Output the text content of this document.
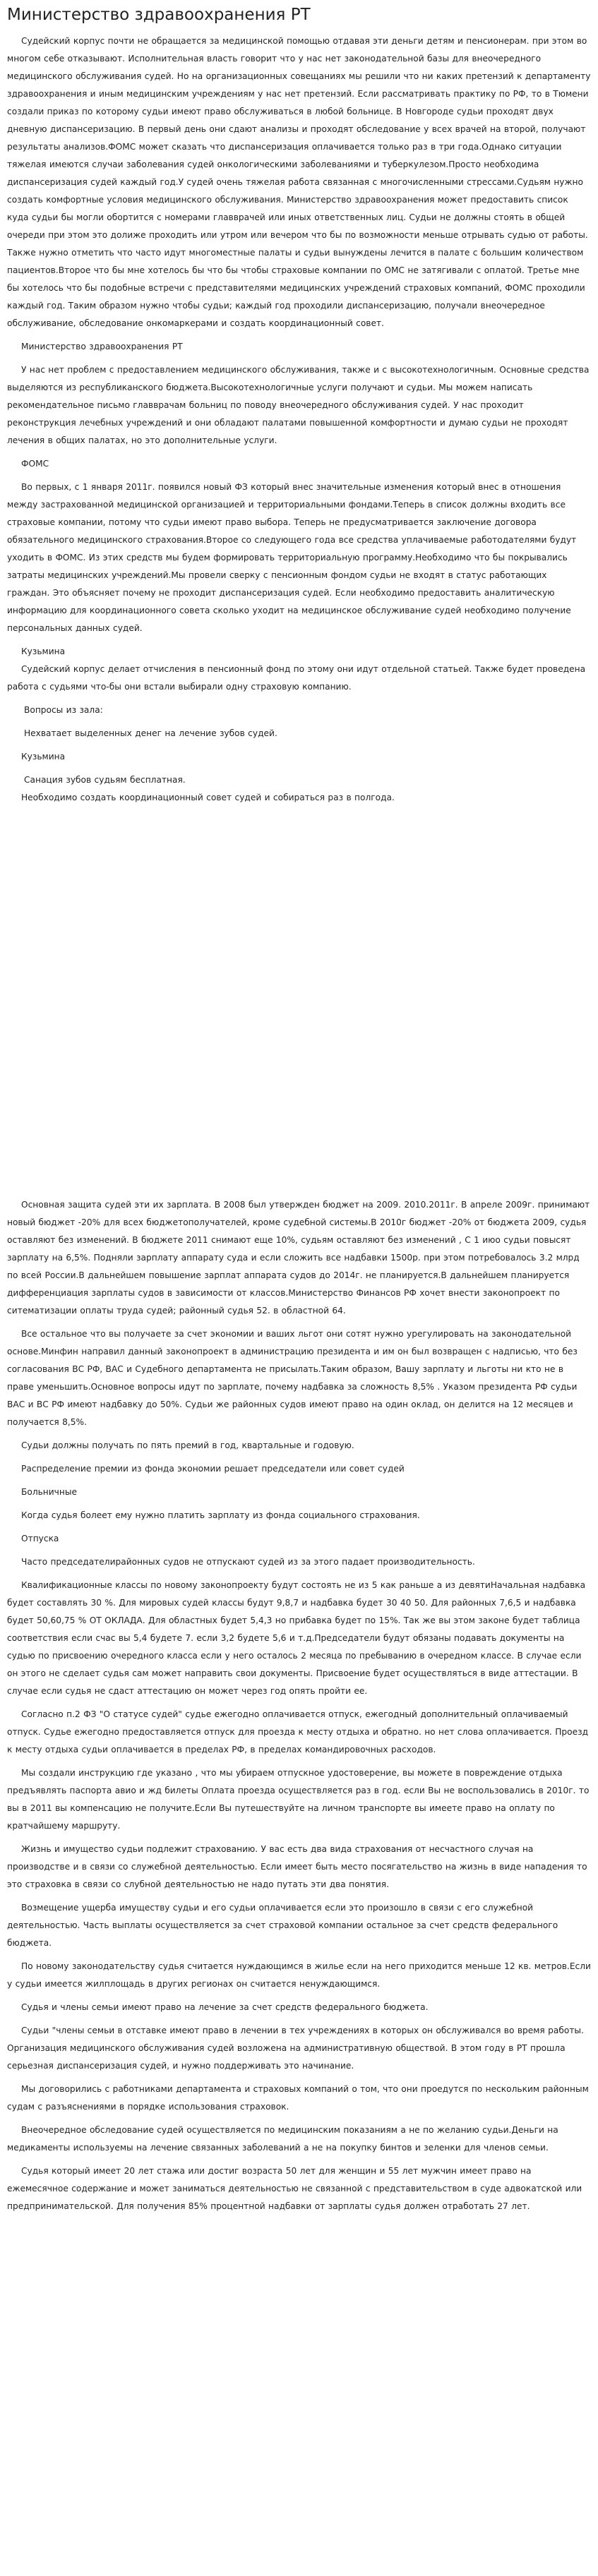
Министерство здравоохранения РТ

Судейский корпус почти не обращается за медицинской помощью отдавая эти деньги детям и пенсионерам. при этом во многом себе отказывают. Исполнительная власть говорит что у нас нет законодательной базы для внеочередного медицинского обслуживания судей. Но на организационных совещаниях мы решили что ни каких претензий к департаменту здравоохранения и иным медицинским учреждениям у нас нет претензий. Если рассматривать практику по РФ, то в Тюмени создали приказ по которому судьи имеют право обслуживаться в любой больнице. В Новгороде судьи проходят двух дневную диспансеризацию. В первый день они сдают анализы и проходят обследование у всех врачей на второй, получают результаты анализов.ФОМС может сказать что диспансеризация оплачивается только раз в три года.Однако ситуации тяжелая имеются случаи заболевания судей онкологическими заболеваниями и туберкулезом.Просто необходима диспансеризация судей каждый год.У судей очень тяжелая работа связанная с многочисленными стрессами.Судьям нужно создать комфортные условия медицинского обслуживания. Министерство здравоохранения может предоставить список куда судьи бы могли обортится с номерами главврачей или иных ответственных лиц. Судьи не должны стоять в общей очереди при этом это долиже проходить или утром или вечером что бы по возможности меньше отрывать судью от работы. Также нужно отметить что часто идут многоместные палаты и судьи вынуждены лечится в палате с большим количеством пациентов.Второе что бы мне хотелось бы что бы чтобы страховые компании по ОМС не затягивали с оплатой. Третье мне бы хотелось что бы подобные встречи с представителями медицинских учреждений страховых компаний, ФОМС проходили каждый год. Таким образом нужно чтобы судьи; каждый год проходили диспансеризацию, получали внеочередное обслуживание, обследование онкомаркерами и создать координационный совет.

Министерство здравоохранения РТ

У нас нет проблем с предоставлением медицинского обслуживания, также и с высокотехнологичным. Основные средства выделяются из республиканского бюджета.Высокотехнологичные услуги получают и судьи. Мы можем написать рекомендательное письмо главврачам больниц по поводу внеочередного обслуживания судей. У нас проходит реконструкция лечебных учреждений и они обладают палатами повышенной комфортности и думаю судьи не проходят лечения в общих палатах, но это дополнительные услуги.

ФОМС

Во первых, с 1 января 2011г. появился новый ФЗ который внес значительные изменения который внес в отношения между застрахованной медицинской организацией и территориальными фондами.Теперь в список должны входить все страховые компании, потому что судьи имеют право выбора. Теперь не предусматривается заключение договора обязательного медицинского страхования.Второе со следующего года все средства уплачиваемые работодателями будут уходить в ФОМС. Из этих средств мы будем формировать территориальную программу.Необходимо что бы покрывались затраты медицинских учреждений.Мы провели сверку с пенсионным фондом судьи не входят в статус работающих граждан. Это объясняет почему не проходит диспансеризация судей. Если необходимо предоставить аналитическую информацию для координационного совета сколько уходит на медицинское обслуживание судей необходимо получение персональных данных судей.

Кузьмина

Судейский корпус делает отчисления в пенсионный фонд по этому они идут отдельной статьей. Также будет проведена работа с судьями что-бы они встали выбирали одну страховую компанию.

Вопросы из зала:

Нехватает выделенных денег на лечение зубов судей.

Кузьмина

Санация зубов судьям бесплатная.

Необходимо создать координационный совет судей и собираться раз в полгода.

Основная защита судей эти их зарплата. В 2008 был утвержден бюджет на 2009. 2010.2011г. В апреле 2009г. принимают новый бюджет -20% для всех бюджетополучателей, кроме судебной системы.В 2010г бюджет -20% от бюджета 2009, судья оставляют без изменений. В бюджете 2011 снимают еще 10%, судьям оставляют без изменений , С 1 июо судьи повысят зарплату на 6,5%. Подняли зарплату аппарату суда и если сложить все надбавки 1500р. при этом потребовалось 3.2 млрд по всей России.В дальнейшем повышение зарплат аппарата судов до 2014г. не планируется.В дальнейшем планируется дифференциация зарплаты судов в зависимости от классов.Министерство Финансов РФ хочет внести законопроект по ситематизации оплаты труда судей; районный судья 52. в областной 64.

Все остальное что вы получаете за счет экономии и ваших льгот они сотят нужно урегулировать на законодательной основе.Минфин направил данный законопроект в администрацию президента и им он был возвращен с надписью, что без согласования ВС РФ, ВАС и Судебного департамента не присылать.Таким образом, Вашу зарплату и льготы ни кто не в праве уменьшить.Основное вопросы идут по зарплате, почему надбавка за сложность 8,5% . Указом президента РФ судьи ВАС и ВС РФ имеют надбавку до 50%. Судьи же районных судов имеют право на один оклад, он делится на 12 месяцев и получается 8,5%.

Судьи должны получать по пять премий в год, квартальные и годовую.

Распределение премии из фонда экономии решает председатели или совет судей

Больничные

Когда судья болеет ему нужно платить зарплату из фонда социального страхования.

Отпуска

Часто председателирайонных судов не отпускают судей из за этого падает производительность.

Квалификационные классы по новому законопроекту будут состоять не из 5 как раньше а из девятиНачальная надбавка будет составлять 30 %. Для мировых судей классы будут 9,8,7 и надбавка будет 30 40 50. Для районных 7,6,5 и надбавка будет 50,60,75 % ОТ ОКЛАДА. Для областных будет 5,4,3 но прибавка будет по 15%. Так же вы этом законе будет таблица соответствия если счас вы 5,4 будете 7. если 3,2 будете 5,6 и т.д.Председатели будут обязаны подавать документы на судью по присвоению очередного класса если у него осталось 2 месяца по пребыванию в очередном классе. В случае если он этого не сделает судья сам может направить свои документы. Присвоение будет осуществляться в виде аттестации. В случае если судья не сдаст аттестацию он может через год опять пройти ее.

Согласно п.2 ФЗ "О статусе судей" судье ежегодно оплачивается отпуск, ежегодный дополнительный оплачиваемый отпуск. Судье ежегодно предоставляется отпуск для проезда к месту отдыха и обратно. но нет слова оплачивается. Проезд к месту отдыха судьи оплачивается в пределах РФ, в пределах командировочных расходов.

Мы создали инструкцию где указано , что мы убираем отпускное удостоверение, вы можете в повреждение отдыха предъявлять паспорта авио и жд билеты Оплата проезда осуществляется раз в год. если Вы не воспользовались в 2010г. то вы в 2011 вы компенсацию не получите.Если Вы путешествуйте на личном транспорте вы имеете право на оплату по кратчайшему маршруту.

Жизнь и имущество судьи подлежит страхованию. У вас есть два вида страхования от несчастного случая на производстве и в связи со служебной деятельностью. Если имеет быть место посягательство на жизнь в виде нападения то это страховка в связи со слубной деятельностью не надо путать эти два понятия.

Возмещение ущерба имуществу судьи и его судьи оплачивается если это произошло в связи с его служебной деятельностью. Часть выплаты осуществляется за счет страховой компании остальное за счет средств федерального бюджета.

По новому законодательству судья считается нуждающимся в жилье если на него приходится меньше 12 кв. метров.Если у судьи имеется жилплощадь в других регионах он считается ненуждающимся.

Судья и члены семьи имеют право на лечение за счет средств федерального бюджета.

Судьи "члены семьи в отставке имеют право в лечении в тех учреждениях в которых он обслуживался во время работы. Организация медицинского обслуживания судей возложена на административную обществой. В этом году в РТ прошла серьезная диспансеризация судей, и нужно поддерживать это начинание.

Мы договорились с работниками департамента и страховых компаний о том, что они проедутся по нескольким районным судам с разъяснениями в порядке использования страховок.

Внеочередное обследование судей осуществляется по медицинским показаниям а не по желанию судьи.Деньги на медикаменты используемы на лечение связанных заболеваний а не на покупку бинтов и зеленки для членов семьи.

Судья который имеет 20 лет стажа или достиг возраста 50 лет для женщин и 55 лет мужчин имеет право на ежемесячное содержание и может заниматься деятельностью не связанной с представительством в суде адвокатской или предпринимательской. Для получения 85% процентной надбавки от зарплаты судья должен отработать 27 лет.
